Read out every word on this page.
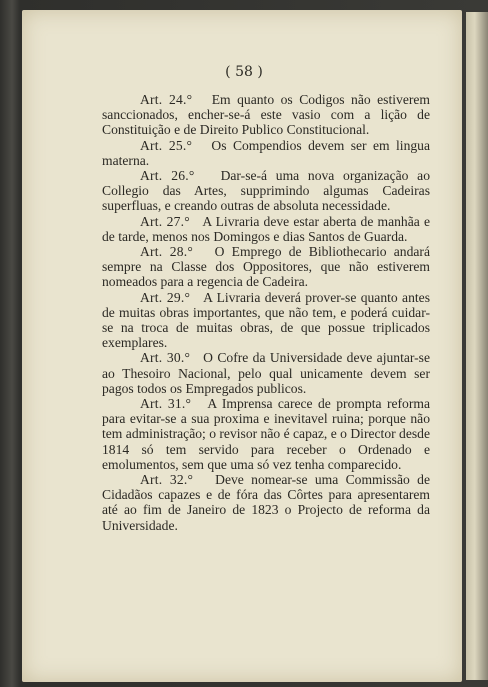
( 58 )

Art. 24.° Em quanto os Codigos não estiverem sanccionados, encher-se-á este vasio com a lição de Constituição e de Direito Publico Constitucional.

Art. 25.° Os Compendios devem ser em lingua materna.

Art. 26.° Dar-se-á uma nova organização ao Collegio das Artes, supprimindo algumas Cadeiras superfluas, e creando outras de absoluta necessidade.

Art. 27.° A Livraria deve estar aberta de manhãa e de tarde, menos nos Domingos e dias Santos de Guarda.

Art. 28.° O Emprego de Bibliothecario andará sempre na Classe dos Oppositores, que não estiverem nomeados para a regencia de Cadeira.

Art. 29.° A Livraria deverá prover-se quanto antes de muitas obras importantes, que não tem, e poderá cuidar-se na troca de muitas obras, de que possue triplicados exemplares.

Art. 30.° O Cofre da Universidade deve ajuntar-se ao Thesoiro Nacional, pelo qual unicamente devem ser pagos todos os Empregados publicos.

Art. 31.° A Imprensa carece de prompta reforma para evitar-se a sua proxima e inevitavel ruina; porque não tem administração; o revisor não é capaz, e o Director desde 1814 só tem servido para receber o Ordenado e emolumentos, sem que uma só vez tenha comparecido.

Art. 32.° Deve nomear-se uma Commissão de Cidadãos capazes e de fóra das Côrtes para apresentarem até ao fim de Janeiro de 1823 o Projecto de reforma da Universidade.
